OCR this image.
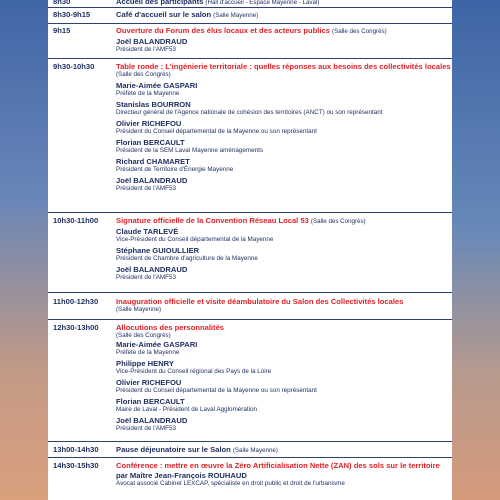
8h30	Accueil des participants (Hall d'accueil - Espace Mayenne - Laval)
8h30-9h15	Café d'accueil sur le salon (Salle Mayenne)
9h15	Ouverture du Forum des élus locaux et des acteurs publics (Salle des Congrès)
Joël BALANDRAUD
Président de l'AMF53
9h30-10h30	Table ronde : L'ingénierie territoriale : quelles réponses aux besoins des collectivités locales
(Salle des Congrès)
Marie-Aimée GASPARI
Préfète de la Mayenne
Stanislas BOURRON
Directeur général de l'Agence nationale de cohésion des territoires (ANCT) ou son représentant
Olivier RICHEFOU
Président du Conseil départemental de la Mayenne ou son représentant
Florian BERCAULT
Président de la SEM Laval Mayenne aménagements
Richard CHAMARET
Président de Territoire d'Énergie Mayenne
Joël BALANDRAUD
Président de l'AMF53
10h30-11h00 Signature officielle de la Convention Réseau Local 53 (Salle des Congrès)
Claude TARLEVÉ
Vice-Président du Conseil départemental de la Mayenne
Stéphane GUIOULLIER
Président de Chambre d'agriculture de la Mayenne
Joël BALANDRAUD
Président de l'AMF53
11h00-12h30 Inauguration officielle et visite déambulatoire du Salon des Collectivités locales
(Salle Mayenne)
12h30-13h00 Allocutions des personnalités
(Salle des Congrès)
Marie-Aimée GASPARI
Préfète de la Mayenne
Philippe HENRY
Vice-Président du Conseil régional des Pays de la Loire
Olivier RICHEFOU
Président du Conseil départemental de la Mayenne ou son représentant
Florian BERCAULT
Maire de Laval - Président de Laval Agglomération
Joël BALANDRAUD
Président de l'AMF53
13h00-14h30 Pause déjeunatoire sur le Salon (Salle Mayenne)
14h30-15h30 Conférence : mettre en œuvre la Zéro Artificialisation Nette (ZAN) des sols sur le territoire
par Maître Jean-François ROUHAUD
Avocat associé Cabinet LEXCAP, spécialiste en droit public et droit de l'urbanisme
